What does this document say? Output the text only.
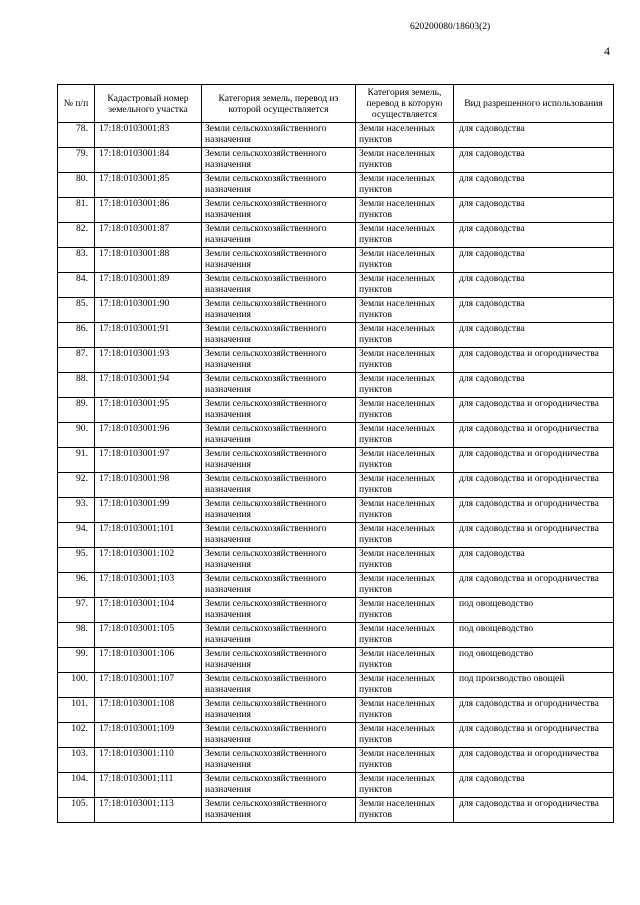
620200080/18603(2)
4
№ п/п	Кадастровый номер земельного участка	Категория земель, перевод из которой осуществляется	Категория земель, перевод в которую осуществляется	Вид разрешенного использования
78.	17:18:0103001:83	Земли сельскохозяйственного назначения	Земли населенных пунктов	для садоводства
79.	17:18:0103001:84	Земли сельскохозяйственного назначения	Земли населенных пунктов	для садоводства
80.	17:18:0103001:85	Земли сельскохозяйственного назначения	Земли населенных пунктов	для садоводства
81.	17:18:0103001:86	Земли сельскохозяйственного назначения	Земли населенных пунктов	для садоводства
82.	17:18:0103001:87	Земли сельскохозяйственного назначения	Земли населенных пунктов	для садоводства
83.	17:18:0103001:88	Земли сельскохозяйственного назначения	Земли населенных пунктов	для садоводства
84.	17:18:0103001:89	Земли сельскохозяйственного назначения	Земли населенных пунктов	для садоводства
85.	17:18:0103001:90	Земли сельскохозяйственного назначения	Земли населенных пунктов	для садоводства
86.	17:18:0103001:91	Земли сельскохозяйственного назначения	Земли населенных пунктов	для садоводства
87.	17:18:0103001:93	Земли сельскохозяйственного назначения	Земли населенных пунктов	для садоводства и огородничества
88.	17:18:0103001:94	Земли сельскохозяйственного назначения	Земли населенных пунктов	для садоводства
89.	17:18:0103001:95	Земли сельскохозяйственного назначения	Земли населенных пунктов	для садоводства и огородничества
90.	17:18:0103001:96	Земли сельскохозяйственного назначения	Земли населенных пунктов	для садоводства и огородничества
91.	17:18:0103001:97	Земли сельскохозяйственного назначения	Земли населенных пунктов	для садоводства и огородничества
92.	17:18:0103001:98	Земли сельскохозяйственного назначения	Земли населенных пунктов	для садоводства и огородничества
93.	17:18:0103001:99	Земли сельскохозяйственного назначения	Земли населенных пунктов	для садоводства и огородничества
94.	17:18:0103001:101	Земли сельскохозяйственного назначения	Земли населенных пунктов	для садоводства и огородничества
95.	17:18:0103001:102	Земли сельскохозяйственного назначения	Земли населенных пунктов	для садоводства
96.	17:18:0103001:103	Земли сельскохозяйственного назначения	Земли населенных пунктов	для садоводства и огородничества
97.	17:18:0103001:104	Земли сельскохозяйственного назначения	Земли населенных пунктов	под овощеводство
98.	17:18:0103001:105	Земли сельскохозяйственного назначения	Земли населенных пунктов	под овощеводство
99.	17:18:0103001:106	Земли сельскохозяйственного назначения	Земли населенных пунктов	под овощеводство
100.	17:18:0103001:107	Земли сельскохозяйственного назначения	Земли населенных пунктов	под производство овощей
101.	17:18:0103001:108	Земли сельскохозяйственного назначения	Земли населенных пунктов	для садоводства и огородничества
102.	17:18:0103001:109	Земли сельскохозяйственного назначения	Земли населенных пунктов	для садоводства и огородничества
103.	17:18:0103001:110	Земли сельскохозяйственного назначения	Земли населенных пунктов	для садоводства и огородничества
104.	17:18:0103001:111	Земли сельскохозяйственного назначения	Земли населенных пунктов	для садоводства
105.	17:18:0103001:113	Земли сельскохозяйственного назначения	Земли населенных пунктов	для садоводства и огородничества
